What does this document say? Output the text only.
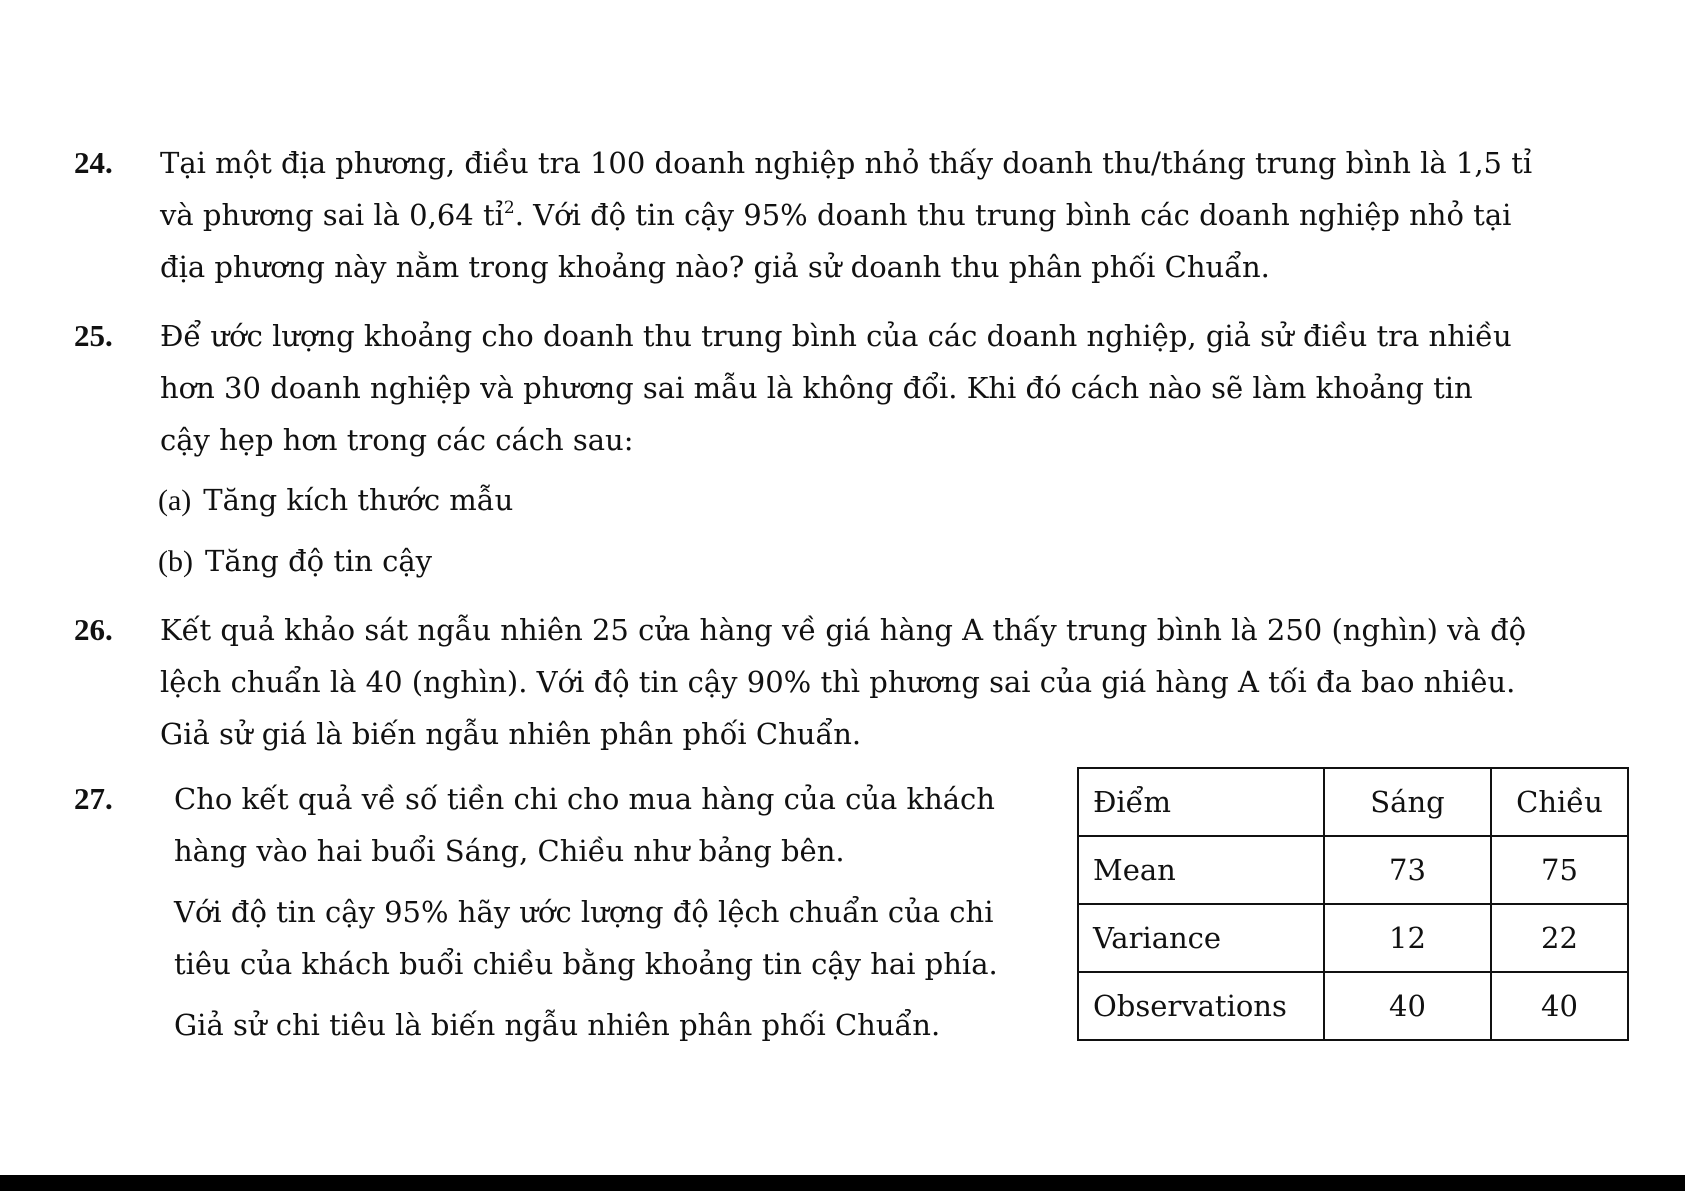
24. Tại một địa phương, điều tra 100 doanh nghiệp nhỏ thấy doanh thu/tháng trung bình là 1,5 tỉ
và phương sai là 0,64 tỉ$^2$. Với độ tin cậy 95% doanh thu trung bình các doanh nghiệp nhỏ tại
địa phương này nằm trong khoảng nào? giả sử doanh thu phân phối Chuẩn.
25. Để ước lượng khoảng cho doanh thu trung bình của các doanh nghiệp, giả sử điều tra nhiều
hơn 30 doanh nghiệp và phương sai mẫu là không đổi. Khi đó cách nào sẽ làm khoảng tin
cậy hẹp hơn trong các cách sau:
(a) Tăng kích thước mẫu
(b) Tăng độ tin cậy
26. Kết quả khảo sát ngẫu nhiên 25 cửa hàng về giá hàng A thấy trung bình là 250 (nghìn) và độ
lệch chuẩn là 40 (nghìn). Với độ tin cậy 90% thì phương sai của giá hàng A tối đa bao nhiêu.
Giả sử giá là biến ngẫu nhiên phân phối Chuẩn.
27. Cho kết quả về số tiền chi cho mua hàng của của khách
hàng vào hai buổi Sáng, Chiều như bảng bên.
Với độ tin cậy 95% hãy ước lượng độ lệch chuẩn của chi
tiêu của khách buổi chiều bằng khoảng tin cậy hai phía.
Giả sử chi tiêu là biến ngẫu nhiên phân phối Chuẩn.
Điểm	Sáng	Chiều
Mean	73	75
Variance	12	22
Observations	40	40
